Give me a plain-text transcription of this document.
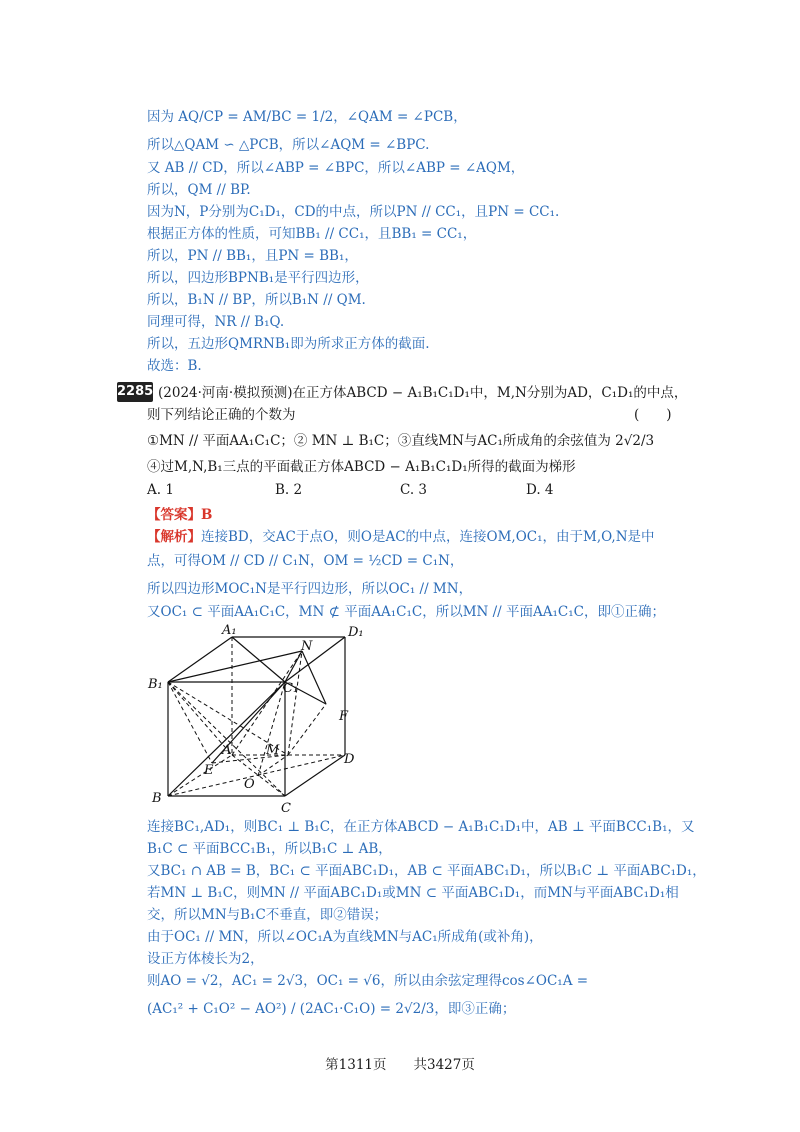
因为 AQ/CP = AM/BC = 1/2，∠QAM = ∠PCB，
所以△QAM ∽ △PCB，所以∠AQM = ∠BPC.
又 AB // CD，所以∠ABP = ∠BPC，所以∠ABP = ∠AQM，
所以，QM // BP.
因为N，P分别为C₁D₁，CD的中点，所以PN // CC₁，且PN = CC₁.
根据正方体的性质，可知BB₁ // CC₁，且BB₁ = CC₁，
所以，PN // BB₁，且PN = BB₁，
所以，四边形BPNB₁是平行四边形，
所以，B₁N // BP，所以B₁N // QM.
同理可得，NR // B₁Q.
所以，五边形QMRNB₁即为所求正方体的截面.
故选：B.
2285 (2024·河南·模拟预测)在正方体ABCD − A₁B₁C₁D₁中，M,N分别为AD，C₁D₁的中点，
则下列结论正确的个数为	(　　)
①MN // 平面AA₁C₁C；② MN ⊥ B₁C；③直线MN与AC₁所成角的余弦值为 2√2/3
④过M,N,B₁三点的平面截正方体ABCD − A₁B₁C₁D₁所得的截面为梯形
A. 1	B. 2	C. 3	D. 4
【答案】B
【解析】连接BD，交AC于点O，则O是AC的中点，连接OM,OC₁，由于M,O,N是中
点，可得OM // CD // C₁N，OM = ½CD = C₁N，
所以四边形MOC₁N是平行四边形，所以OC₁ // MN，
又OC₁ ⊂ 平面AA₁C₁C，MN ⊄ 平面AA₁C₁C，所以MN // 平面AA₁C₁C，即①正确；
A₁	D₁
B₁	C₁
N
F
A	M
D
E
O
B
C
连接BC₁,AD₁，则BC₁ ⊥ B₁C，在正方体ABCD − A₁B₁C₁D₁中，AB ⊥ 平面BCC₁B₁，又
B₁C ⊂ 平面BCC₁B₁，所以B₁C ⊥ AB，
又BC₁ ∩ AB = B，BC₁ ⊂ 平面ABC₁D₁，AB ⊂ 平面ABC₁D₁，所以B₁C ⊥ 平面ABC₁D₁，
若MN ⊥ B₁C，则MN // 平面ABC₁D₁或MN ⊂ 平面ABC₁D₁，而MN与平面ABC₁D₁相
交，所以MN与B₁C不垂直，即②错误；
由于OC₁ // MN，所以∠OC₁A为直线MN与AC₁所成角(或补角)，
设正方体棱长为2，
则AO = √2，AC₁ = 2√3，OC₁ = √6，所以由余弦定理得cos∠OC₁A =
(AC₁² + C₁O² − AO²) / (2AC₁·C₁O) = 2√2/3，即③正确；
第1311页　　共3427页
